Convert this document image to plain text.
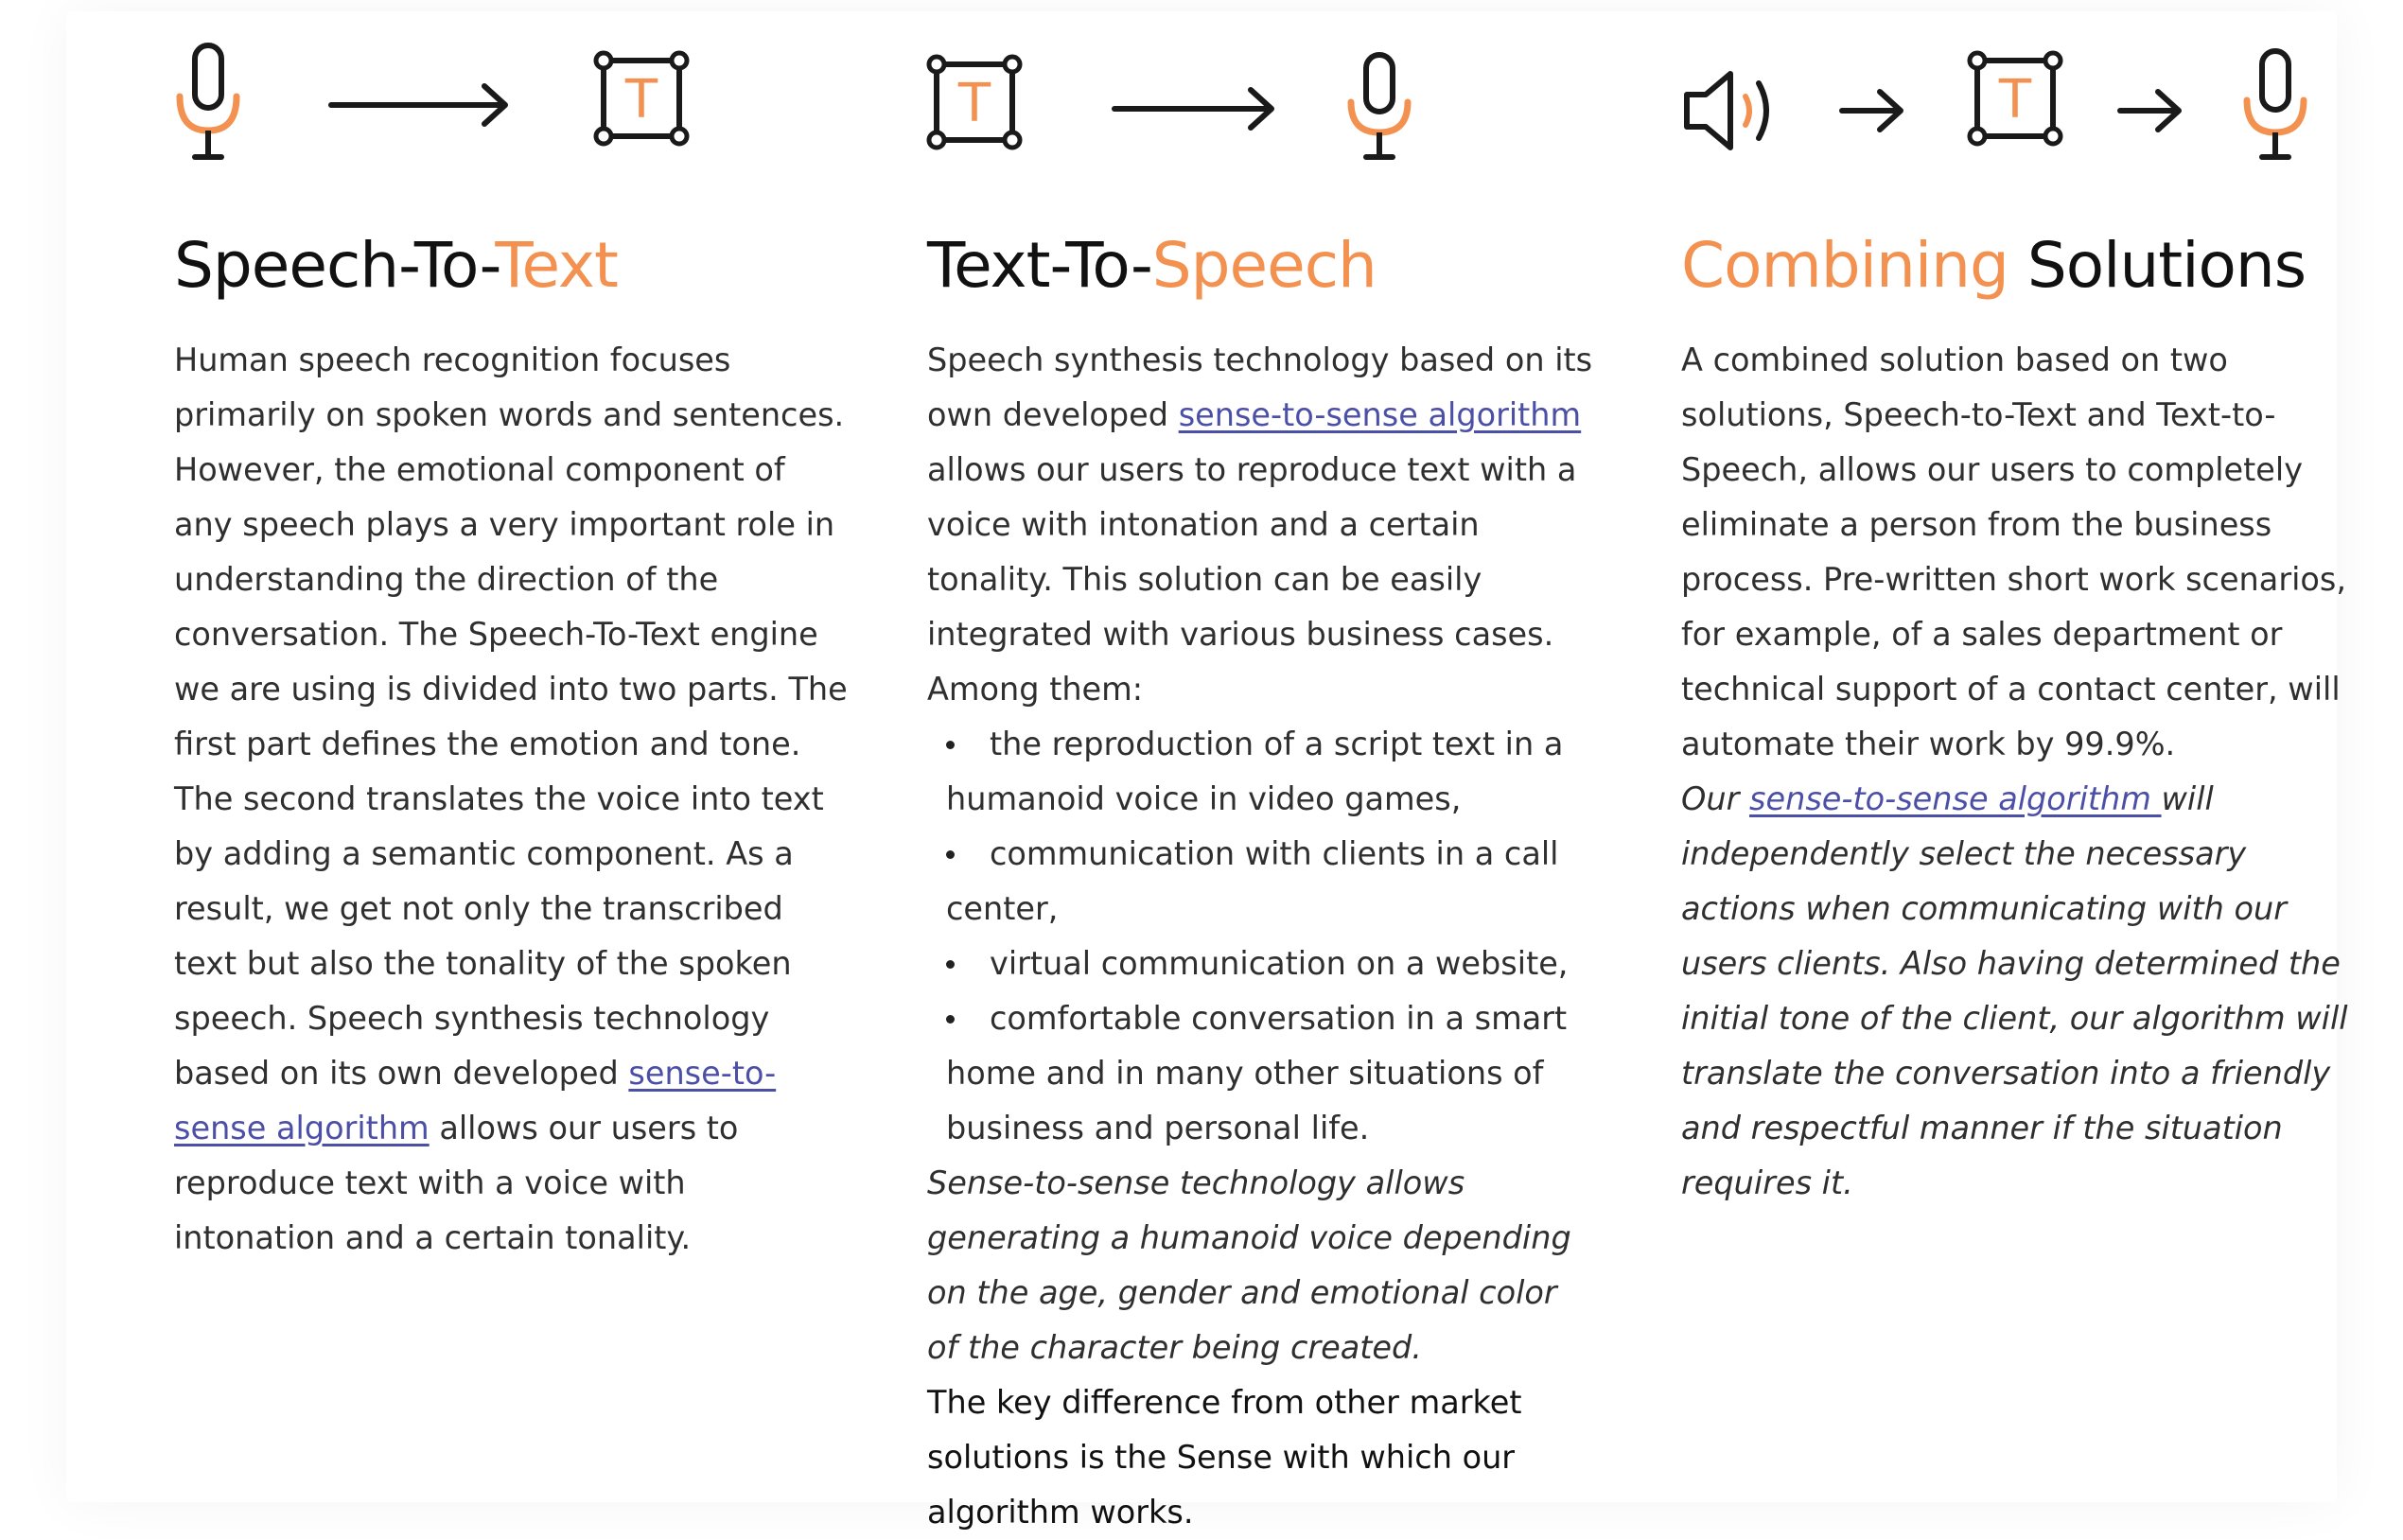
T
Speech-To-Text

Human speech recognition focuses primarily on spoken words and sentences. However, the emotional component of any speech plays a very important role in understanding the direction of the conversation. The Speech-To-Text engine we are using is divided into two parts. The first part defines the emotion and tone. The second translates the voice into text by adding a semantic component. As a result, we get not only the transcribed text but also the tonality of the spoken speech. Speech synthesis technology based on its own developed sense-to-sense algorithm allows our users to reproduce text with a voice with intonation and a certain tonality.

T
Text-To-Speech

Speech synthesis technology based on its own developed sense-to-sense algorithm allows our users to reproduce text with a voice with intonation and a certain tonality. This solution can be easily integrated with various business cases. Among them:

the reproduction of a script text in a humanoid voice in video games,
communication with clients in a call center,
virtual communication on a website,
comfortable conversation in a smart home and in many other situations of business and personal life.

Sense-to-sense technology allows generating a humanoid voice depending on the age, gender and emotional color of the character being created.

The key difference from other market solutions is the Sense with which our algorithm works.

T
Combining Solutions

A combined solution based on two solutions, Speech-to-Text and Text-to-Speech, allows our users to completely eliminate a person from the business process. Pre-written short work scenarios, for example, of a sales department or technical support of a contact center, will automate their work by 99.9%.

Our sense-to-sense algorithm will independently select the necessary actions when communicating with our users clients. Also having determined the initial tone of the client, our algorithm will translate the conversation into a friendly and respectful manner if the situation requires it.
